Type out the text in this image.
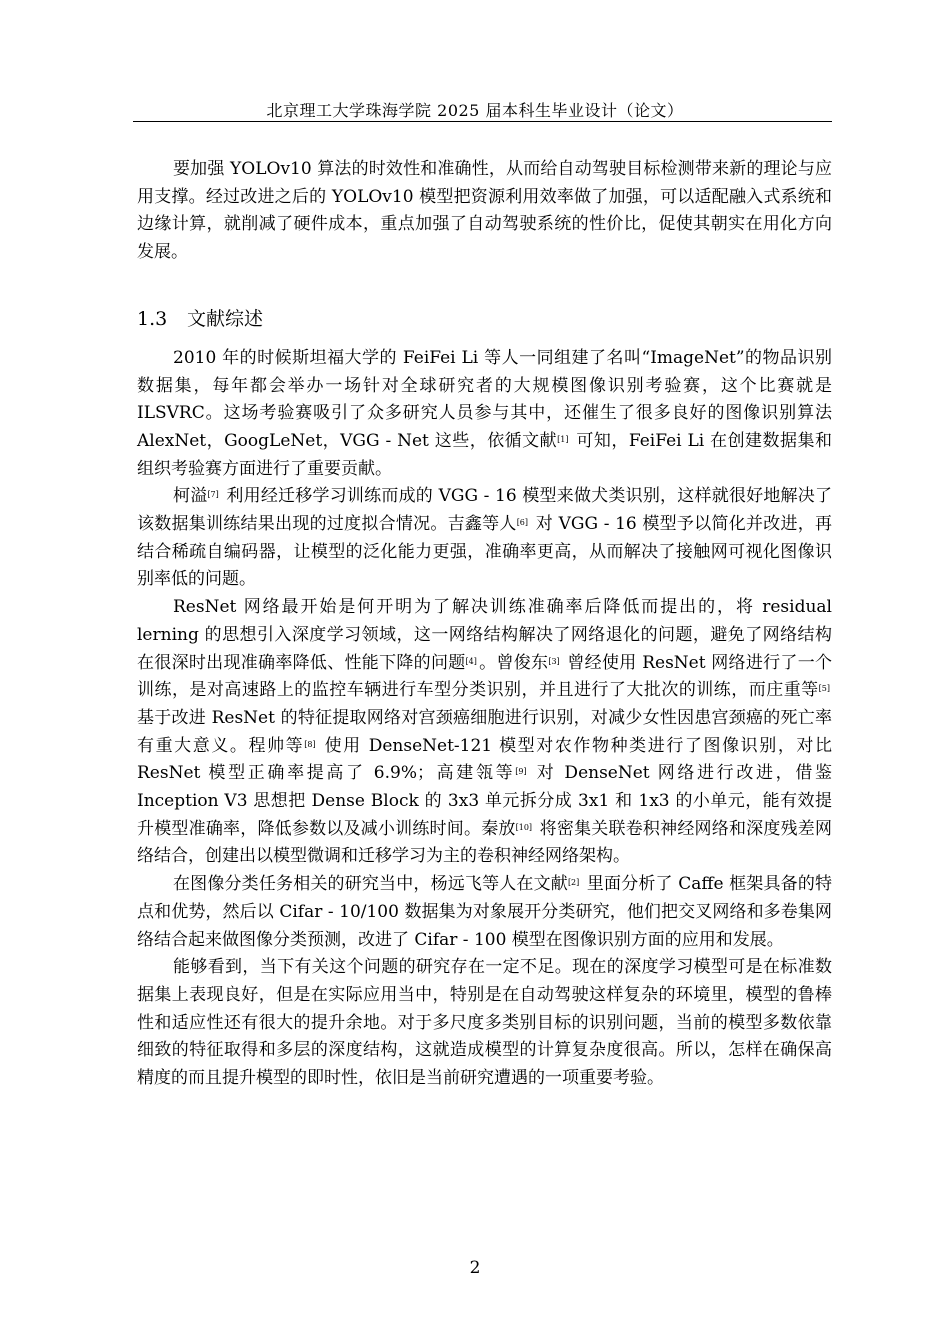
北京理工大学珠海学院 2025 届本科生毕业设计（论文）

要加强 YOLOv10 算法的时效性和准确性，从而给自动驾驶目标检测带来新的理论与应用支撑。经过改进之后的 YOLOv10 模型把资源利用效率做了加强，可以适配融入式系统和边缘计算，就削减了硬件成本，重点加强了自动驾驶系统的性价比，促使其朝实在用化方向发展。

1.3 文献综述

2010 年的时候斯坦福大学的 FeiFei Li 等人一同组建了名叫“ImageNet”的物品识别数据集，每年都会举办一场针对全球研究者的大规模图像识别考验赛，这个比赛就是 ILSVRC。这场考验赛吸引了众多研究人员参与其中，还催生了很多良好的图像识别算法 AlexNet，GoogLeNet，VGG - Net 这些，依循文献[1] 可知，FeiFei Li 在创建数据集和组织考验赛方面进行了重要贡献。

柯溢[7] 利用经迁移学习训练而成的 VGG - 16 模型来做犬类识别，这样就很好地解决了该数据集训练结果出现的过度拟合情况。吉鑫等人[6] 对 VGG - 16 模型予以简化并改进，再结合稀疏自编码器，让模型的泛化能力更强，准确率更高，从而解决了接触网可视化图像识别率低的问题。

ResNet 网络最开始是何开明为了解决训练准确率后降低而提出的，将 residual lerning 的思想引入深度学习领域，这一网络结构解决了网络退化的问题，避免了网络结构在很深时出现准确率降低、性能下降的问题[4] 。曾俊东[3] 曾经使用 ResNet 网络进行了一个训练，是对高速路上的监控车辆进行车型分类识别，并且进行了大批次的训练，而庄重等[5] 基于改进 ResNet 的特征提取网络对宫颈癌细胞进行识别，对减少女性因患宫颈癌的死亡率有重大意义。程帅等[8] 使用 DenseNet-121 模型对农作物种类进行了图像识别，对比 ResNet 模型正确率提高了 6.9%；高建瓴等[9] 对 DenseNet 网络进行改进，借鉴 Inception V3 思想把 Dense Block 的 3x3 单元拆分成 3x1 和 1x3 的小单元，能有效提升模型准确率，降低参数以及减小训练时间。秦放[10] 将密集关联卷积神经网络和深度残差网络结合，创建出以模型微调和迁移学习为主的卷积神经网络架构。

在图像分类任务相关的研究当中，杨远飞等人在文献[2] 里面分析了 Caffe 框架具备的特点和优势，然后以 Cifar - 10/100 数据集为对象展开分类研究，他们把交叉网络和多卷集网络结合起来做图像分类预测，改进了 Cifar - 100 模型在图像识别方面的应用和发展。

能够看到，当下有关这个问题的研究存在一定不足。现在的深度学习模型可是在标准数据集上表现良好，但是在实际应用当中，特别是在自动驾驶这样复杂的环境里，模型的鲁棒性和适应性还有很大的提升余地。对于多尺度多类别目标的识别问题，当前的模型多数依靠细致的特征取得和多层的深度结构，这就造成模型的计算复杂度很高。所以，怎样在确保高精度的而且提升模型的即时性，依旧是当前研究遭遇的一项重要考验。

2
